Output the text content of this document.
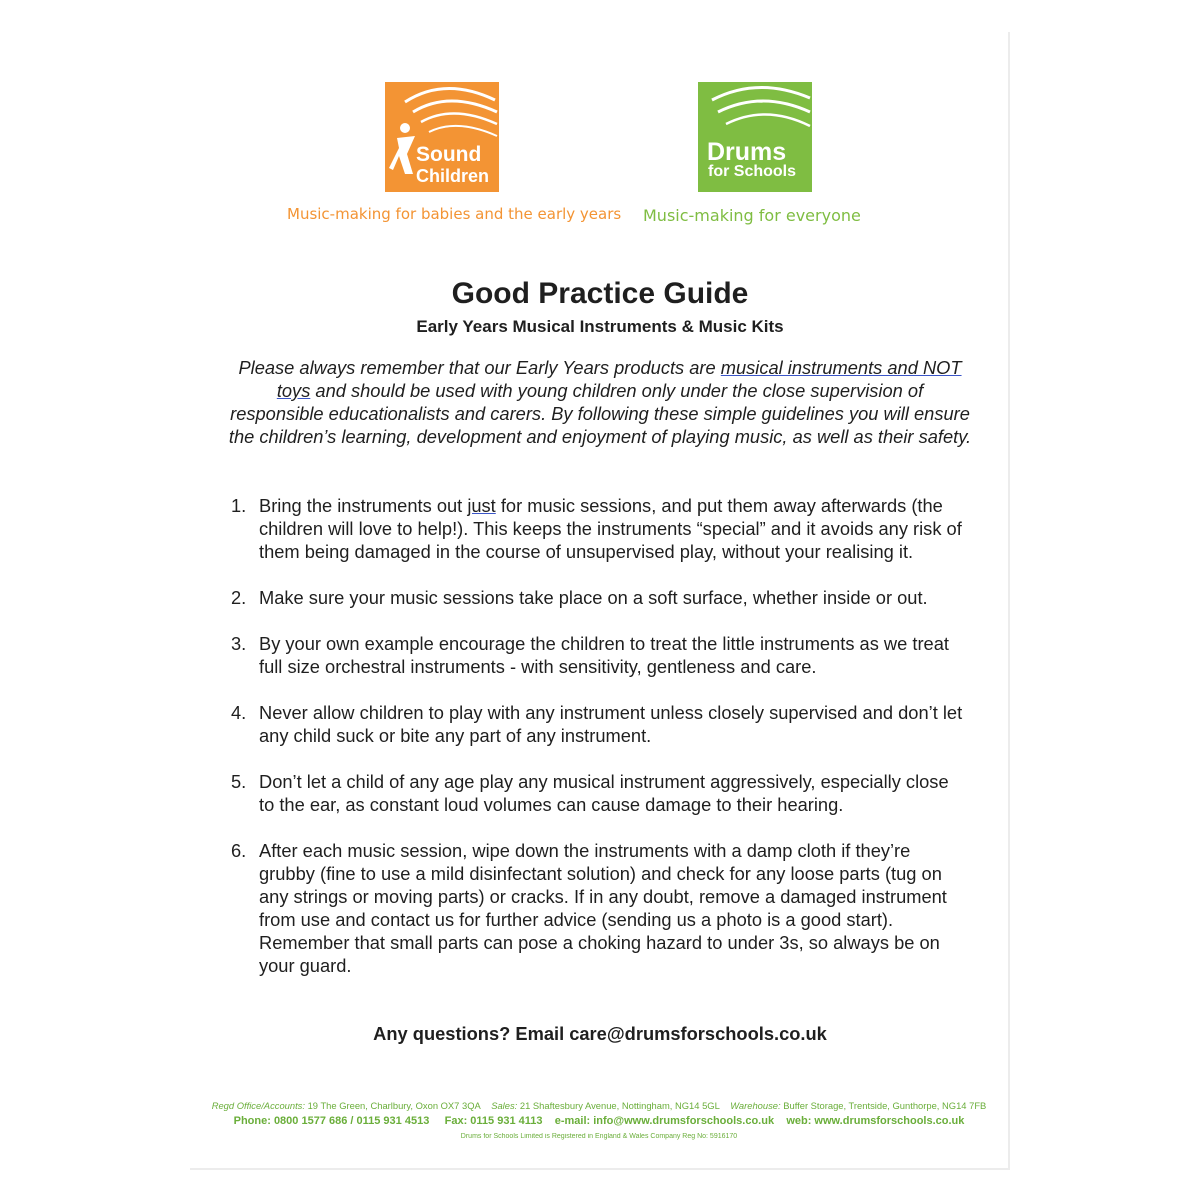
Sound
Children
Music-making for babies and the early years
Drums
for Schools
Music-making for everyone
Good Practice Guide
Early Years Musical Instruments & Music Kits
Please always remember that our Early Years products are musical instruments and NOT toys and should be used with young children only under the close supervision of responsible educationalists and carers. By following these simple guidelines you will ensure the children’s learning, development and enjoyment of playing music, as well as their safety.
1. Bring the instruments out just for music sessions, and put them away afterwards (the children will love to help!). This keeps the instruments “special” and it avoids any risk of them being damaged in the course of unsupervised play, without your realising it.
2. Make sure your music sessions take place on a soft surface, whether inside or out.
3. By your own example encourage the children to treat the little instruments as we treat full size orchestral instruments - with sensitivity, gentleness and care.
4. Never allow children to play with any instrument unless closely supervised and don’t let any child suck or bite any part of any instrument.
5. Don’t let a child of any age play any musical instrument aggressively, especially close to the ear, as constant loud volumes can cause damage to their hearing.
6. After each music session, wipe down the instruments with a damp cloth if they’re grubby (fine to use a mild disinfectant solution) and check for any loose parts (tug on any strings or moving parts) or cracks. If in any doubt, remove a damaged instrument from use and contact us for further advice (sending us a photo is a good start). Remember that small parts can pose a choking hazard to under 3s, so always be on your guard.
Any questions? Email care@drumsforschools.co.uk
Regd Office/Accounts: 19 The Green, Charlbury, Oxon OX7 3QA Sales: 21 Shaftesbury Avenue, Nottingham, NG14 5GL Warehouse: Buffer Storage, Trentside, Gunthorpe, NG14 7FB
Phone: 0800 1577 686 / 0115 931 4513 Fax: 0115 931 4113 e-mail: info@www.drumsforschools.co.uk web: www.drumsforschools.co.uk
Drums for Schools Limited is Registered in England & Wales Company Reg No: 5916170
